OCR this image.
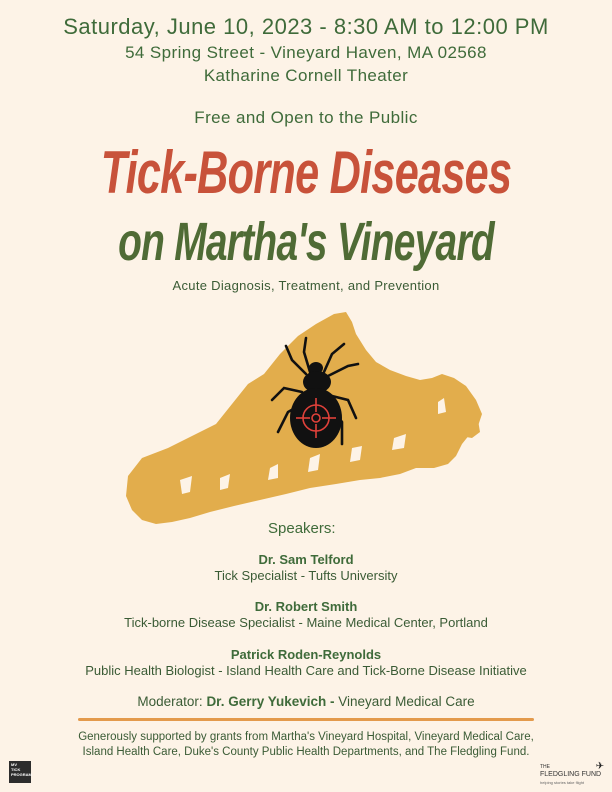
Saturday, June 10, 2023 - 8:30 AM to 12:00 PM
54 Spring Street - Vineyard Haven, MA 02568
Katharine Cornell Theater
Free and Open to the Public
Tick-Borne Diseases
on Martha's Vineyard
Acute Diagnosis, Treatment, and Prevention
Speakers:
Dr. Sam Telford
Tick Specialist - Tufts University
Dr. Robert Smith
Tick-borne Disease Specialist - Maine Medical Center, Portland
Patrick Roden-Reynolds
Public Health Biologist - Island Health Care and Tick-Borne Disease Initiative
Moderator: Dr. Gerry Yukevich - Vineyard Medical Care
Generously supported by grants from Martha's Vineyard Hospital, Vineyard Medical Care, Island Health Care, Duke's County Public Health Departments, and The Fledgling Fund.
MV
TICK PROGRAM
✈
THE
FLEDGLING FUND
helping stories take flight
